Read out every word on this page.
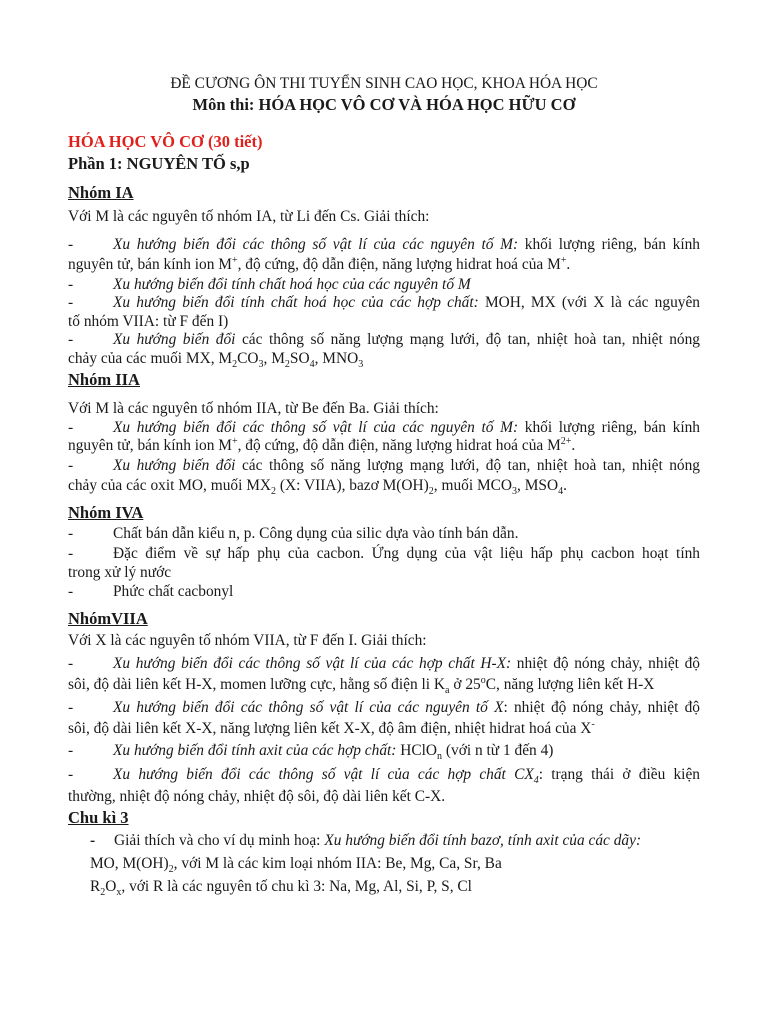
ĐỀ CƯƠNG ÔN THI TUYỂN SINH CAO HỌC, KHOA HÓA HỌC
Môn thi: HÓA HỌC VÔ CƠ VÀ HÓA HỌC HỮU CƠ
HÓA HỌC VÔ CƠ (30 tiết)
Phần 1: NGUYÊN TỐ s,p
Nhóm IA
Với M là các nguyên tố nhóm IA, từ Li đến Cs. Giải thích:
-	Xu hướng biến đổi các thông số vật lí của các nguyên tố M: khối lượng riêng, bán kính
nguyên tử, bán kính ion M+, độ cứng, độ dẫn điện, năng lượng hidrat hoá của M+.
-	Xu hướng biến đổi tính chất hoá học của các nguyên tố M
-	Xu hướng biến đổi tính chất hoá học của các hợp chất: MOH, MX (với X là các nguyên
tố nhóm VIIA: từ F đến I)
-	Xu hướng biến đổi các thông số năng lượng mạng lưới, độ tan, nhiệt hoà tan, nhiệt nóng
chảy của các muối MX, $M_2CO_3$, $M_2SO_4$, $MNO_3$
Nhóm IIA
Với M là các nguyên tố nhóm IIA, từ Be đến Ba. Giải thích:
-	Xu hướng biến đổi các thông số vật lí của các nguyên tố M: khối lượng riêng, bán kính
nguyên tử, bán kính ion M+, độ cứng, độ dẫn điện, năng lượng hidrat hoá của $M^{2+}$.
-	Xu hướng biến đổi các thông số năng lượng mạng lưới, độ tan, nhiệt hoà tan, nhiệt nóng
chảy của các oxit MO, muối $MX_2$ (X: VIIA), bazơ $M(OH)_2$, muối $MCO_3$, $MSO_4$.
Nhóm IVA
-	Chất bán dẫn kiểu n, p. Công dụng của silic dựa vào tính bán dẫn.
-	Đặc điểm về sự hấp phụ của cacbon. Ứng dụng của vật liệu hấp phụ cacbon hoạt tính
trong xử lý nước
-	Phức chất cacbonyl
NhómVIIA
Với X là các nguyên tố nhóm VIIA, từ F đến I. Giải thích:
-	Xu hướng biến đổi các thông số vật lí của các hợp chất H-X: nhiệt độ nóng chảy, nhiệt độ
sôi, độ dài liên kết H-X, momen lưỡng cực, hằng số điện li $K_a$ ở 25$^o$C, năng lượng liên kết H-X
-	Xu hướng biến đổi các thông số vật lí của các nguyên tố X: nhiệt độ nóng chảy, nhiệt độ
sôi, độ dài liên kết X-X, năng lượng liên kết X-X, độ âm điện, nhiệt hidrat hoá của X-
-	Xu hướng biến đổi tính axit của các hợp chất: HClO$_n$ (với n từ 1 đến 4)
-	Xu hướng biến đổi các thông số vật lí của các hợp chất $CX_4$: trạng thái ở điều kiện
thường, nhiệt độ nóng chảy, nhiệt độ sôi, độ dài liên kết C-X.
Chu kì 3
- Giải thích và cho ví dụ minh hoạ: Xu hướng biến đổi tính bazơ, tính axit của các dãy:
MO, $M(OH)_2$, với M là các kim loại nhóm IIA: Be, Mg, Ca, Sr, Ba
$R_2O_x$, với R là các nguyên tố chu kì 3: Na, Mg, Al, Si, P, S, Cl
